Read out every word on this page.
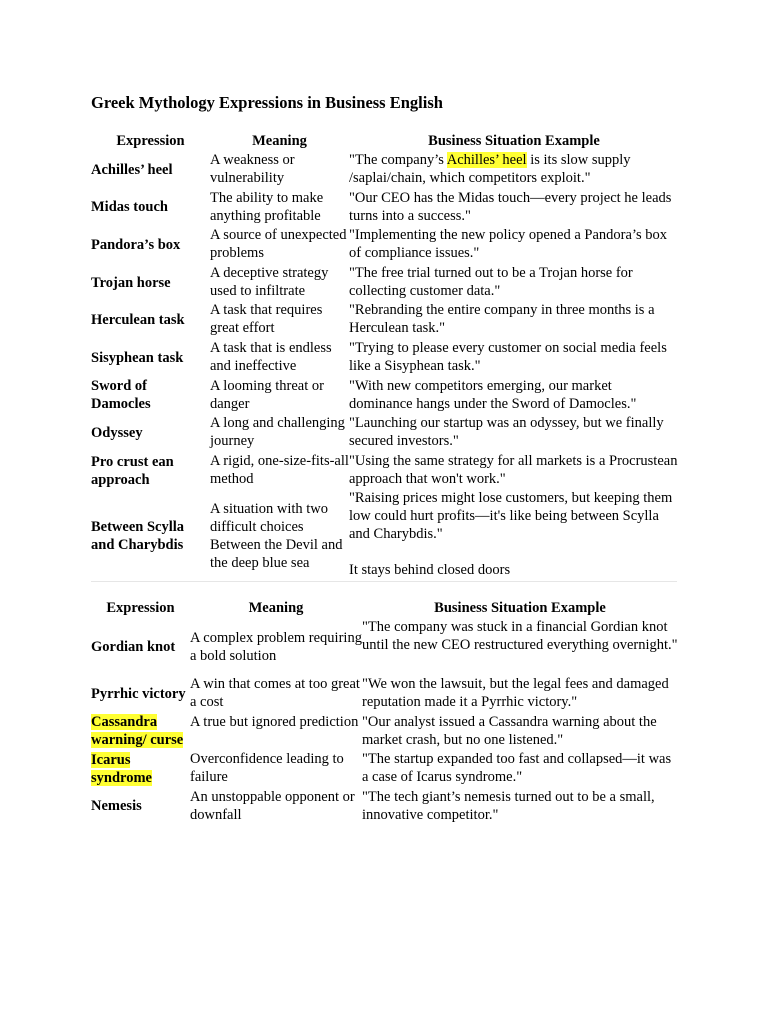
Greek Mythology Expressions in Business English
Expression	Meaning	Business Situation Example
Achilles’ heel	A weakness or vulnerability	"The company’s Achilles’ heel is its slow supply /saplai/chain, which competitors exploit."
Midas touch	The ability to make anything profitable	"Our CEO has the Midas touch—every project he leads turns into a success."
Pandora’s box	A source of unexpected problems	"Implementing the new policy opened a Pandora’s box of compliance issues."
Trojan horse	A deceptive strategy used to infiltrate	"The free trial turned out to be a Trojan horse for collecting customer data."
Herculean task	A task that requires great effort	"Rebranding the entire company in three months is a Herculean task."
Sisyphean task	A task that is endless and ineffective	"Trying to please every customer on social media feels like a Sisyphean task."
Sword of Damocles	A looming threat or danger	"With new competitors emerging, our market dominance hangs under the Sword of Damocles."
Odyssey	A long and challenging journey	"Launching our startup was an odyssey, but we finally secured investors."
Pro crust ean approach	A rigid, one-size-fits-all method	"Using the same strategy for all markets is a Procrustean approach that won't work."
Between Scylla and Charybdis	A situation with two difficult choices Between the Devil and the deep blue sea	"Raising prices might lose customers, but keeping them low could hurt profits—it's like being between Scylla and Charybdis."
It stays behind closed doors
Expression	Meaning	Business Situation Example
Gordian knot	A complex problem requiring a bold solution	"The company was stuck in a financial Gordian knot until the new CEO restructured everything overnight."
Pyrrhic victory	A win that comes at too great a cost	"We won the lawsuit, but the legal fees and damaged reputation made it a Pyrrhic victory."
Cassandra warning/ curse	A true but ignored prediction	"Our analyst issued a Cassandra warning about the market crash, but no one listened."
Icarus syndrome	Overconfidence leading to failure	"The startup expanded too fast and collapsed—it was a case of Icarus syndrome."
Nemesis	An unstoppable opponent or downfall	"The tech giant’s nemesis turned out to be a small, innovative competitor."
